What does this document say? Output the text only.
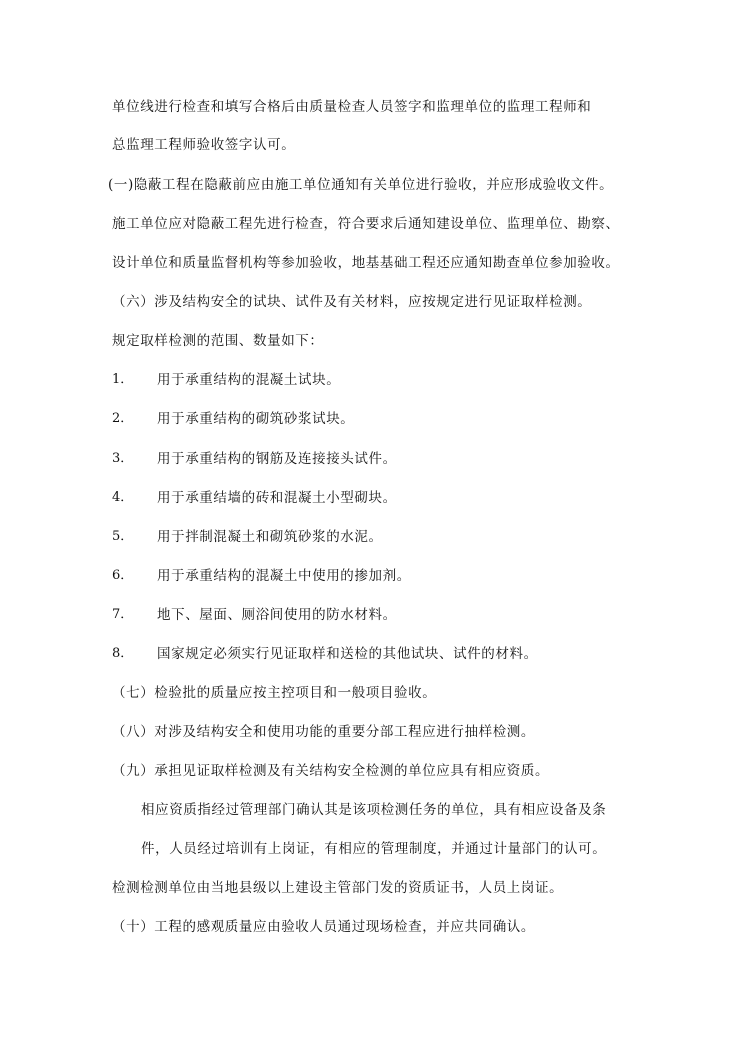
单位线进行检查和填写合格后由质量检查人员签字和监理单位的监理工程师和
总监理工程师验收签字认可。
(一)隐蔽工程在隐蔽前应由施工单位通知有关单位进行验收，并应形成验收文件。
施工单位应对隐蔽工程先进行检查，符合要求后通知建设单位、监理单位、勘察、
设计单位和质量监督机构等参加验收，地基基础工程还应通知勘查单位参加验收。
（六）涉及结构安全的试块、试件及有关材料，应按规定进行见证取样检测。
规定取样检测的范围、数量如下：
1． 用于承重结构的混凝土试块。
2． 用于承重结构的砌筑砂浆试块。
3． 用于承重结构的钢筋及连接接头试件。
4． 用于承重结墙的砖和混凝土小型砌块。
5． 用于拌制混凝土和砌筑砂浆的水泥。
6． 用于承重结构的混凝土中使用的掺加剂。
7． 地下、屋面、厕浴间使用的防水材料。
8． 国家规定必须实行见证取样和送检的其他试块、试件的材料。
（七）检验批的质量应按主控项目和一般项目验收。
（八）对涉及结构安全和使用功能的重要分部工程应进行抽样检测。
（九）承担见证取样检测及有关结构安全检测的单位应具有相应资质。
相应资质指经过管理部门确认其是该项检测任务的单位，具有相应设备及条
件，人员经过培训有上岗证，有相应的管理制度，并通过计量部门的认可。
检测检测单位由当地县级以上建设主管部门发的资质证书，人员上岗证。
（十）工程的感观质量应由验收人员通过现场检查，并应共同确认。
